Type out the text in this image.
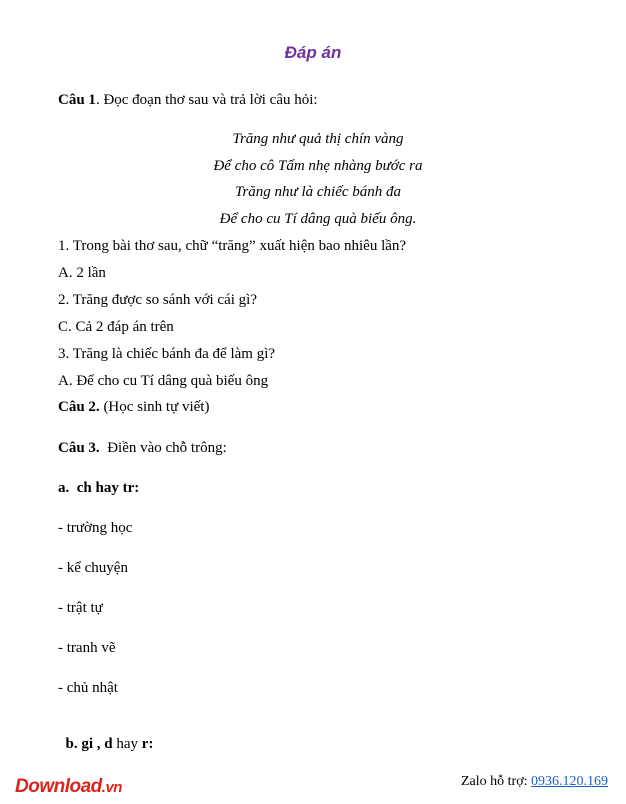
Đáp án
Câu 1. Đọc đoạn thơ sau và trả lời câu hỏi:
Trăng như quả thị chín vàng
Để cho cô Tấm nhẹ nhàng bước ra
Trăng như là chiếc bánh đa
Để cho cu Tí dâng quà biếu ông.
1. Trong bài thơ sau, chữ “trăng” xuất hiện bao nhiêu lần?
A. 2 lần
2. Trăng được so sánh với cái gì?
C. Cả 2 đáp án trên
3. Trăng là chiếc bánh đa để làm gì?
A. Để cho cu Tí dâng quà biếu ông
Câu 2. (Học sinh tự viết)
Câu 3.  Điền vào chỗ trông:
a.  ch hay tr:
- trường học
- kể chuyện
- trật tự
- tranh vẽ
- chủ nhật

b. gi , d hay r:

Download.vn	Zalo hỗ trợ: 0936.120.169
